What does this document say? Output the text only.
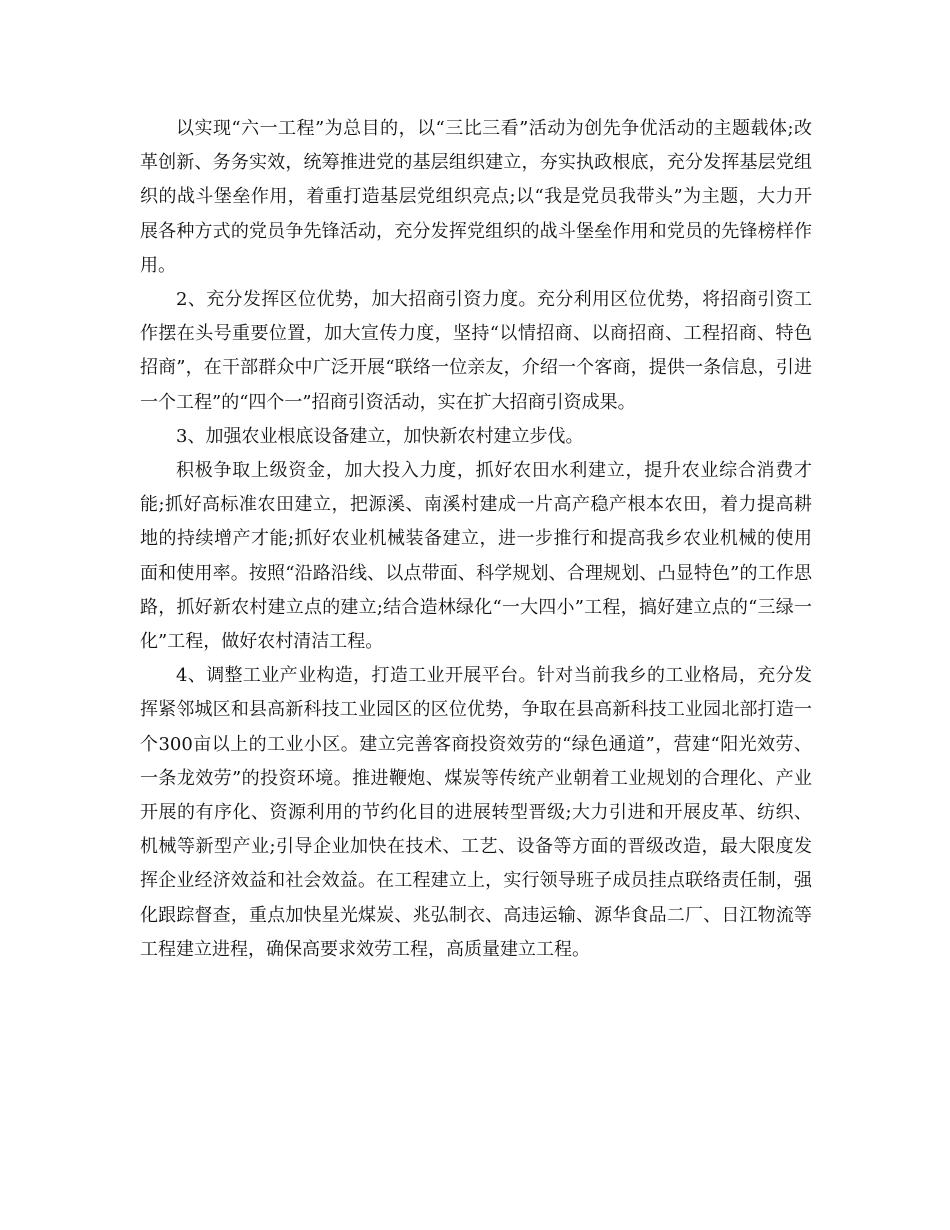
以实现“六一工程”为总目的，以“三比三看”活动为创先争优活动的主题载体;改革创新、务务实效，统筹推进党的基层组织建立，夯实执政根底，充分发挥基层党组织的战斗堡垒作用，着重打造基层党组织亮点;以“我是党员我带头”为主题，大力开展各种方式的党员争先锋活动，充分发挥党组织的战斗堡垒作用和党员的先锋榜样作用。

2、充分发挥区位优势，加大招商引资力度。充分利用区位优势，将招商引资工作摆在头号重要位置，加大宣传力度，坚持“以情招商、以商招商、工程招商、特色招商”，在干部群众中广泛开展“联络一位亲友，介绍一个客商，提供一条信息，引进一个工程”的“四个一”招商引资活动，实在扩大招商引资成果。

3、加强农业根底设备建立，加快新农村建立步伐。

积极争取上级资金，加大投入力度，抓好农田水利建立，提升农业综合消费才能;抓好高标准农田建立，把源溪、南溪村建成一片高产稳产根本农田，着力提高耕地的持续增产才能;抓好农业机械装备建立，进一步推行和提高我乡农业机械的使用面和使用率。按照“沿路沿线、以点带面、科学规划、合理规划、凸显特色”的工作思路，抓好新农村建立点的建立;结合造林绿化“一大四小”工程，搞好建立点的“三绿一化”工程，做好农村清洁工程。

4、调整工业产业构造，打造工业开展平台。针对当前我乡的工业格局，充分发挥紧邻城区和县高新科技工业园区的区位优势，争取在县高新科技工业园北部打造一个300亩以上的工业小区。建立完善客商投资效劳的“绿色通道”，营建“阳光效劳、一条龙效劳”的投资环境。推进鞭炮、煤炭等传统产业朝着工业规划的合理化、产业开展的有序化、资源利用的节约化目的进展转型晋级;大力引进和开展皮革、纺织、机械等新型产业;引导企业加快在技术、工艺、设备等方面的晋级改造，最大限度发挥企业经济效益和社会效益。在工程建立上，实行领导班子成员挂点联络责任制，强化跟踪督查，重点加快星光煤炭、兆弘制衣、高违运输、源华食品二厂、日江物流等工程建立进程，确保高要求效劳工程，高质量建立工程。
